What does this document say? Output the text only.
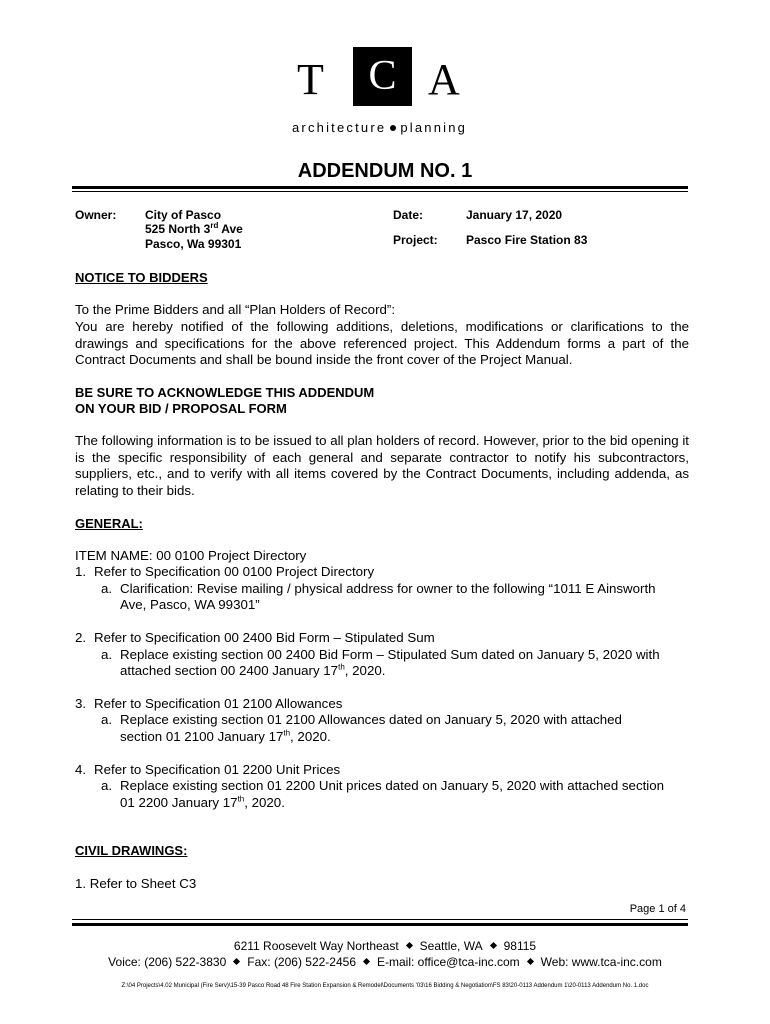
T	C A
architecture planning
ADDENDUM NO. 1
Owner: City of Pasco
525 North 3rd Ave
Pasco, Wa 99301
Date:	January 17, 2020
Project: Pasco Fire Station 83
NOTICE TO BIDDERS
To the Prime Bidders and all “Plan Holders of Record”:
You are hereby notified of the following additions, deletions, modifications or clarifications to the drawings and specifications for the above referenced project. This Addendum forms a part of the Contract Documents and shall be bound inside the front cover of the Project Manual.
BE SURE TO ACKNOWLEDGE THIS ADDENDUM
ON YOUR BID / PROPOSAL FORM
The following information is to be issued to all plan holders of record. However, prior to the bid opening it is the specific responsibility of each general and separate contractor to notify his subcontractors, suppliers, etc., and to verify with all items covered by the Contract Documents, including addenda, as relating to their bids.
GENERAL:
ITEM NAME: 00 0100 Project Directory
1. Refer to Specification 00 0100 Project Directory
a. Clarification: Revise mailing / physical address for owner to the following “1011 E Ainsworth
Ave, Pasco, WA 99301”
2. Refer to Specification 00 2400 Bid Form – Stipulated Sum
a. Replace existing section 00 2400 Bid Form – Stipulated Sum dated on January 5, 2020 with
attached section 00 2400 January 17th, 2020.
3. Refer to Specification 01 2100 Allowances
a. Replace existing section 01 2100 Allowances dated on January 5, 2020 with attached
section 01 2100 January 17th, 2020.
4. Refer to Specification 01 2200 Unit Prices
a. Replace existing section 01 2200 Unit prices dated on January 5, 2020 with attached section
01 2200 January 17th, 2020.
CIVIL DRAWINGS:
1. Refer to Sheet C3
Page 1 of 4
6211 Roosevelt Way Northeast Seattle, WA 98115
Voice: (206) 522-3830 Fax: (206) 522-2456 E-mail: office@tca-inc.com Web: www.tca-inc.com
Z:\04 Projects\4.02 Municipal (Fire Serv)\15-39 Pasco Road 48 Fire Station Expansion & Remodel\Documents '03\16 Bidding & Negotiation\FS 83\20-0113 Addendum 1\20-0113 Addendum No. 1.doc
